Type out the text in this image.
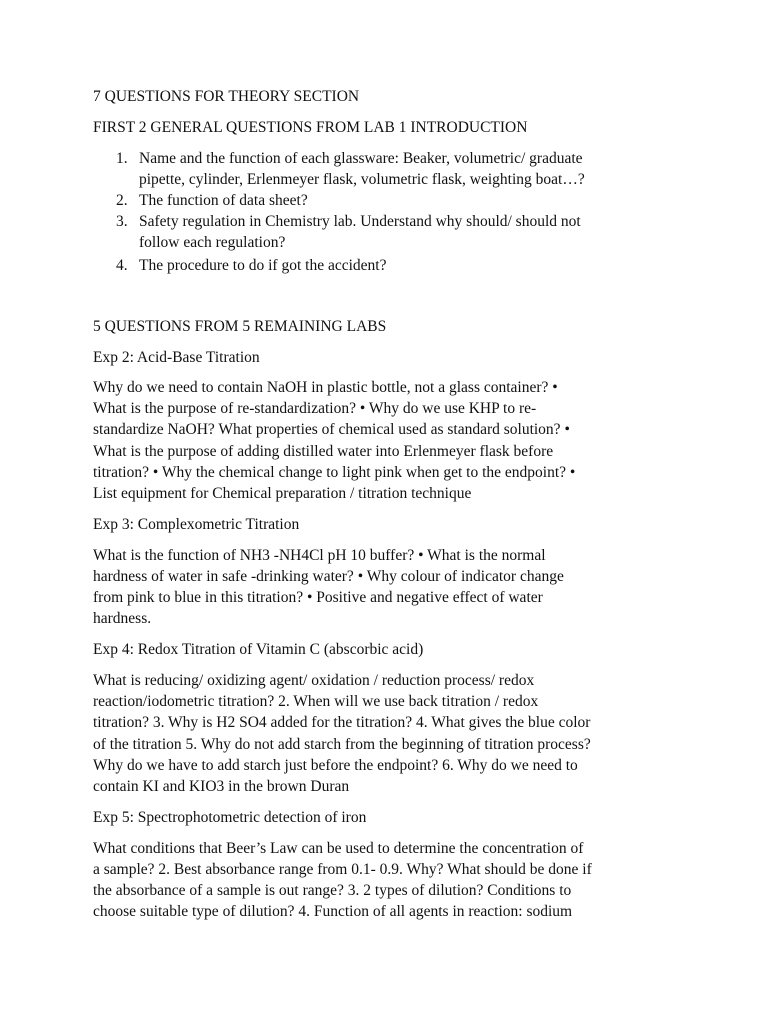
7 QUESTIONS FOR THEORY SECTION
FIRST 2 GENERAL QUESTIONS FROM LAB 1 INTRODUCTION
1. Name and the function of each glassware: Beaker, volumetric/ graduate
pipette, cylinder, Erlenmeyer flask, volumetric flask, weighting boat…?
2. The function of data sheet?
3. Safety regulation in Chemistry lab. Understand why should/ should not
follow each regulation?
4. The procedure to do if got the accident?
5 QUESTIONS FROM 5 REMAINING LABS
Exp 2: Acid-Base Titration
Why do we need to contain NaOH in plastic bottle, not a glass container? •
What is the purpose of re-standardization? • Why do we use KHP to re-
standardize NaOH? What properties of chemical used as standard solution? •
What is the purpose of adding distilled water into Erlenmeyer flask before
titration? • Why the chemical change to light pink when get to the endpoint? •
List equipment for Chemical preparation / titration technique
Exp 3: Complexometric Titration
What is the function of NH3 -NH4Cl pH 10 buffer? • What is the normal
hardness of water in safe -drinking water? • Why colour of indicator change
from pink to blue in this titration? • Positive and negative effect of water
hardness.
Exp 4: Redox Titration of Vitamin C (abscorbic acid)
What is reducing/ oxidizing agent/ oxidation / reduction process/ redox
reaction/iodometric titration? 2. When will we use back titration / redox
titration? 3. Why is H2 SO4 added for the titration? 4. What gives the blue color
of the titration 5. Why do not add starch from the beginning of titration process?
Why do we have to add starch just before the endpoint? 6. Why do we need to
contain KI and KIO3 in the brown Duran
Exp 5: Spectrophotometric detection of iron
What conditions that Beer’s Law can be used to determine the concentration of
a sample? 2. Best absorbance range from 0.1- 0.9. Why? What should be done if
the absorbance of a sample is out range? 3. 2 types of dilution? Conditions to
choose suitable type of dilution? 4. Function of all agents in reaction: sodium
